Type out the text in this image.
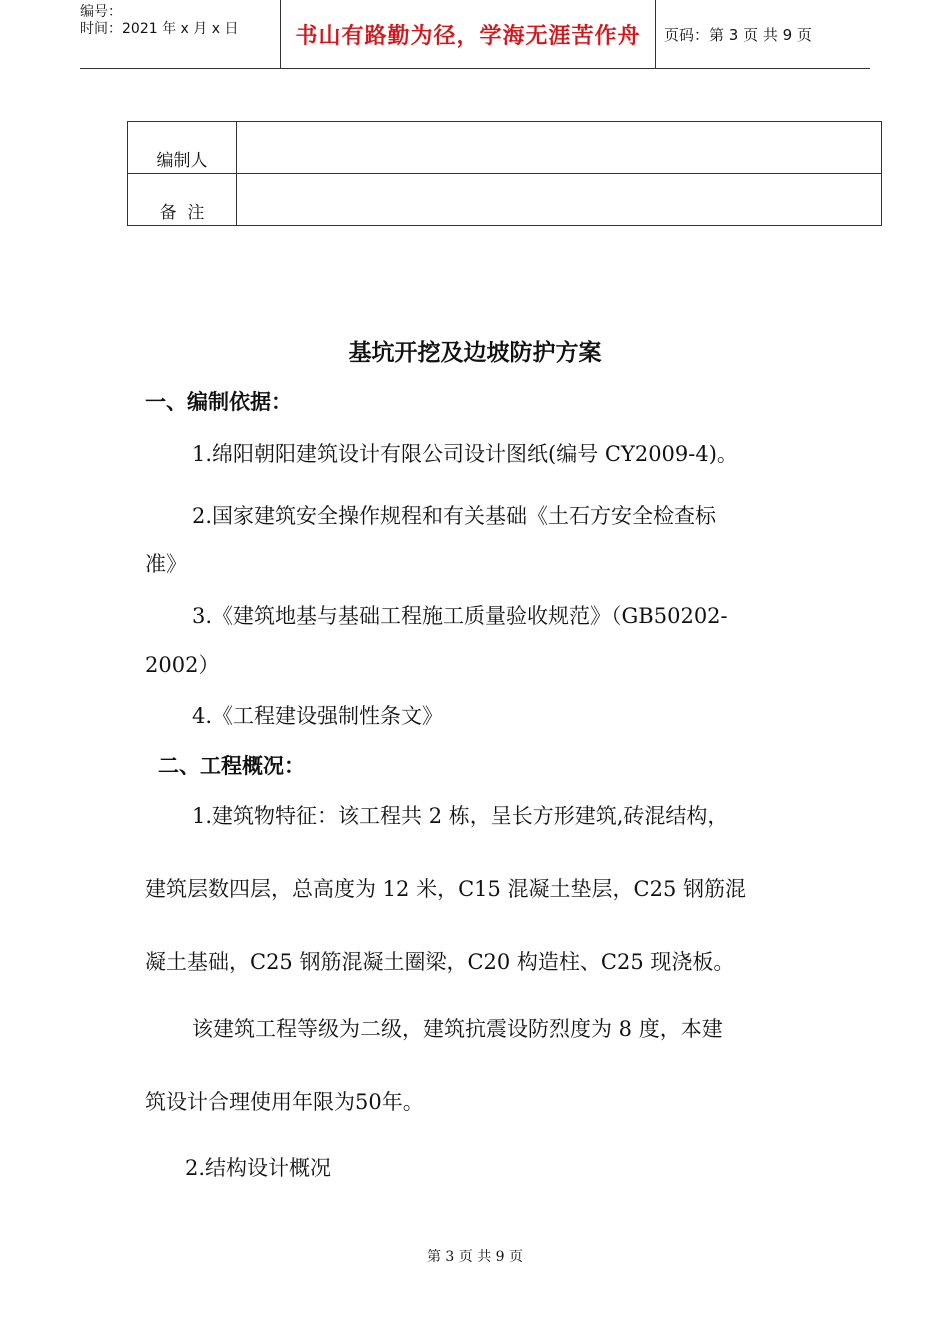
编号：
时间：2021 年 x 月 x 日	书山有路勤为径，学海无涯苦作舟	页码：第 3 页 共 9 页
编制人	
备  注	
基坑开挖及边坡防护方案
一、编制依据：
1.绵阳朝阳建筑设计有限公司设计图纸(编号 CY2009-4)。
2.国家建筑安全操作规程和有关基础《土石方安全检查标
准》
3.《建筑地基与基础工程施工质量验收规范》（GB50202-
2002）
4.《工程建设强制性条文》
二、工程概况：
1.建筑物特征：该工程共 2 栋，呈长方形建筑,砖混结构，
建筑层数四层，总高度为 12 米，C15 混凝土垫层，C25 钢筋混
凝土基础，C25 钢筋混凝土圈梁，C20 构造柱、C25 现浇板。
该建筑工程等级为二级，建筑抗震设防烈度为 8 度，本建
筑设计合理使用年限为50年。
2.结构设计概况
第 3 页 共 9 页
